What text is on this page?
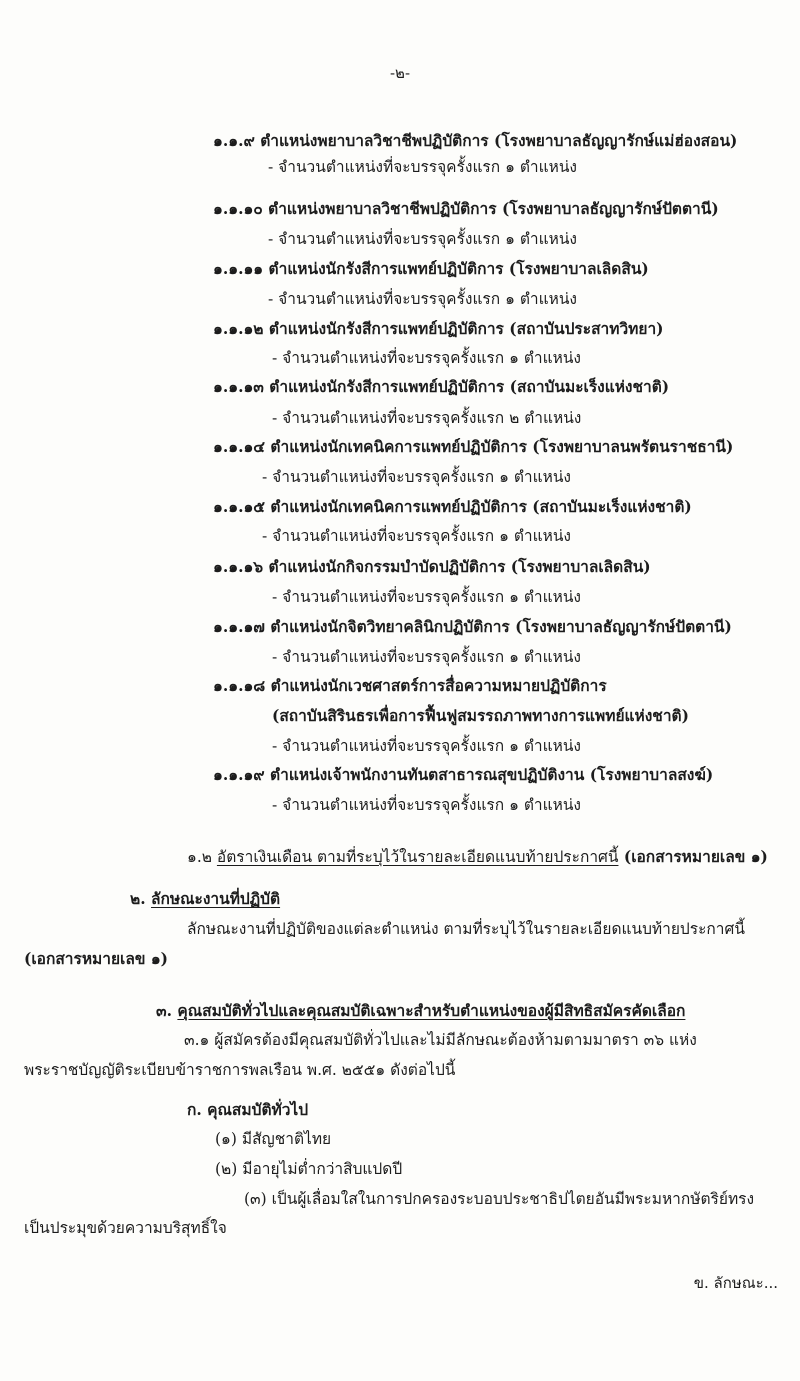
-๒-
๑.๑.๙ ตำแหน่งพยาบาลวิชาชีพปฏิบัติการ (โรงพยาบาลธัญญารักษ์แม่ฮ่องสอน)
- จำนวนตำแหน่งที่จะบรรจุครั้งแรก ๑ ตำแหน่ง
๑.๑.๑๐ ตำแหน่งพยาบาลวิชาชีพปฏิบัติการ (โรงพยาบาลธัญญารักษ์ปัตตานี)
- จำนวนตำแหน่งที่จะบรรจุครั้งแรก ๑ ตำแหน่ง
๑.๑.๑๑ ตำแหน่งนักรังสีการแพทย์ปฏิบัติการ (โรงพยาบาลเลิดสิน)
- จำนวนตำแหน่งที่จะบรรจุครั้งแรก ๑ ตำแหน่ง
๑.๑.๑๒ ตำแหน่งนักรังสีการแพทย์ปฏิบัติการ (สถาบันประสาทวิทยา)
- จำนวนตำแหน่งที่จะบรรจุครั้งแรก ๑ ตำแหน่ง
๑.๑.๑๓ ตำแหน่งนักรังสีการแพทย์ปฏิบัติการ (สถาบันมะเร็งแห่งชาติ)
- จำนวนตำแหน่งที่จะบรรจุครั้งแรก ๒ ตำแหน่ง
๑.๑.๑๔ ตำแหน่งนักเทคนิคการแพทย์ปฏิบัติการ (โรงพยาบาลนพรัตนราชธานี)
- จำนวนตำแหน่งที่จะบรรจุครั้งแรก ๑ ตำแหน่ง
๑.๑.๑๕ ตำแหน่งนักเทคนิคการแพทย์ปฏิบัติการ (สถาบันมะเร็งแห่งชาติ)
- จำนวนตำแหน่งที่จะบรรจุครั้งแรก ๑ ตำแหน่ง
๑.๑.๑๖ ตำแหน่งนักกิจกรรมบำบัดปฏิบัติการ (โรงพยาบาลเลิดสิน)
- จำนวนตำแหน่งที่จะบรรจุครั้งแรก ๑ ตำแหน่ง
๑.๑.๑๗ ตำแหน่งนักจิตวิทยาคลินิกปฏิบัติการ (โรงพยาบาลธัญญารักษ์ปัตตานี)
- จำนวนตำแหน่งที่จะบรรจุครั้งแรก ๑ ตำแหน่ง
๑.๑.๑๘ ตำแหน่งนักเวชศาสตร์การสื่อความหมายปฏิบัติการ
(สถาบันสิรินธรเพื่อการฟื้นฟูสมรรถภาพทางการแพทย์แห่งชาติ)
- จำนวนตำแหน่งที่จะบรรจุครั้งแรก ๑ ตำแหน่ง
๑.๑.๑๙ ตำแหน่งเจ้าพนักงานทันตสาธารณสุขปฏิบัติงาน (โรงพยาบาลสงฆ์)
- จำนวนตำแหน่งที่จะบรรจุครั้งแรก ๑ ตำแหน่ง
๑.๒ อัตราเงินเดือน ตามที่ระบุไว้ในรายละเอียดแนบท้ายประกาศนี้ (เอกสารหมายเลข ๑)
๒. ลักษณะงานที่ปฏิบัติ
ลักษณะงานที่ปฏิบัติของแต่ละตำแหน่ง ตามที่ระบุไว้ในรายละเอียดแนบท้ายประกาศนี้
(เอกสารหมายเลข ๑)
๓. คุณสมบัติทั่วไปและคุณสมบัติเฉพาะสำหรับตำแหน่งของผู้มีสิทธิสมัครคัดเลือก
๓.๑ ผู้สมัครต้องมีคุณสมบัติทั่วไปและไม่มีลักษณะต้องห้ามตามมาตรา ๓๖ แห่ง
พระราชบัญญัติระเบียบข้าราชการพลเรือน พ.ศ. ๒๕๕๑ ดังต่อไปนี้
ก. คุณสมบัติทั่วไป
(๑) มีสัญชาติไทย
(๒) มีอายุไม่ต่ำกว่าสิบแปดปี
(๓) เป็นผู้เลื่อมใสในการปกครองระบอบประชาธิปไตยอันมีพระมหากษัตริย์ทรง
เป็นประมุขด้วยความบริสุทธิ์ใจ
ข. ลักษณะ...
